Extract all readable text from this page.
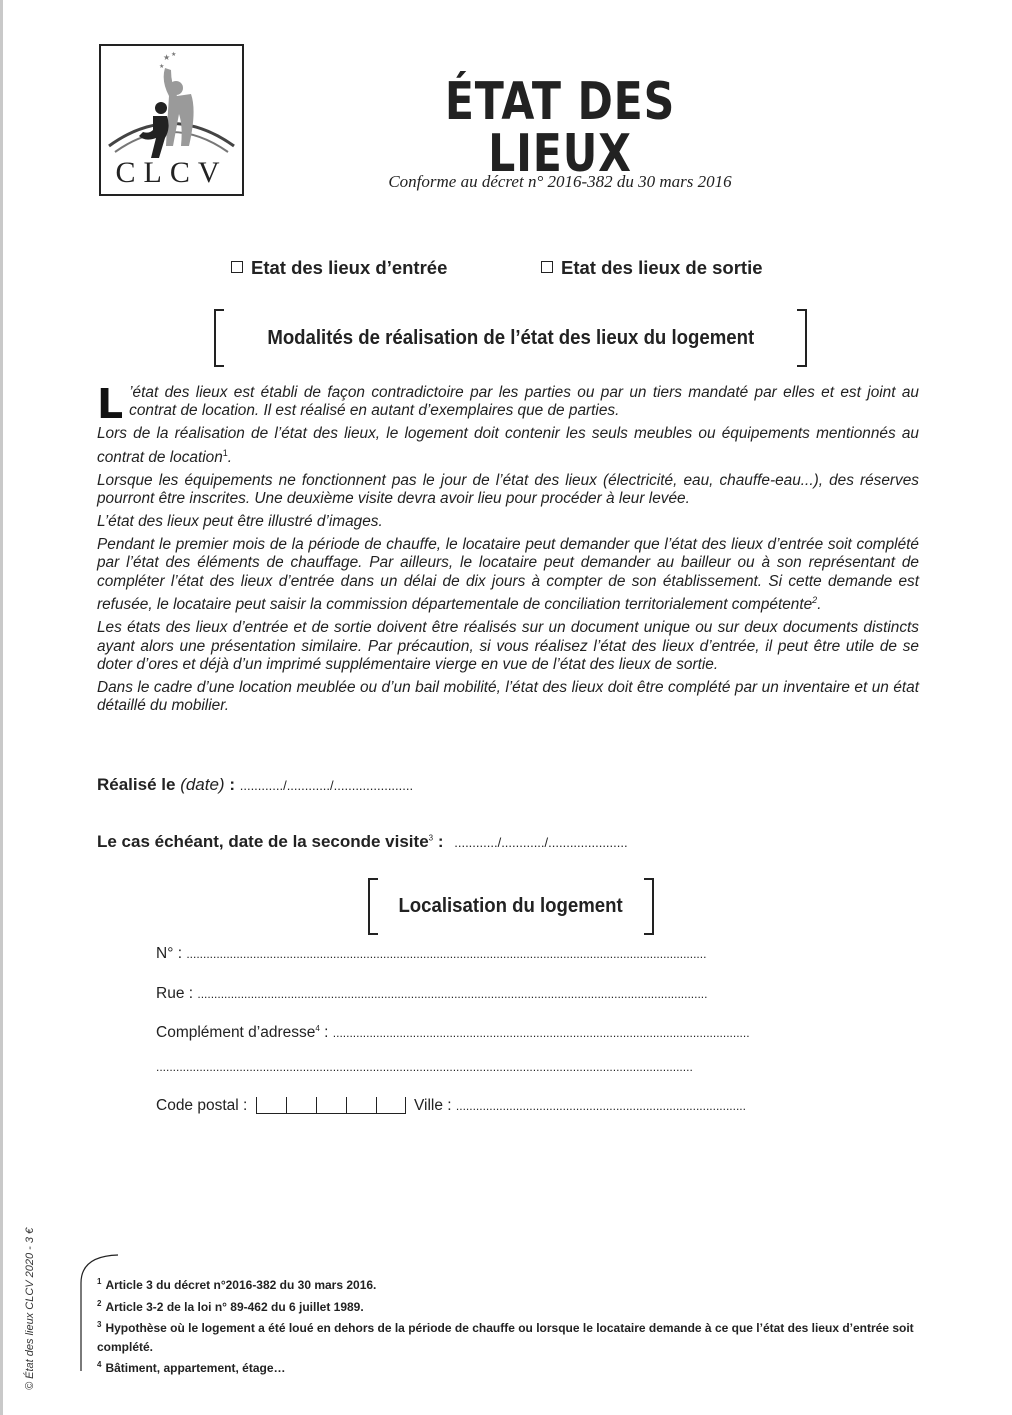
★ ★
★
CLCV
ÉTAT DES LIEUX
Conforme au décret n° 2016-382 du 30 mars 2016
Etat des lieux d’entrée	Etat des lieux de sortie
Modalités de réalisation de l’état des lieux du logement

L ’état des lieux est établi de façon contradictoire par les parties ou par un tiers mandaté par elles et est joint au contrat de location. Il est réalisé en autant d’exemplaires que de parties.

Lors de la réalisation de l’état des lieux, le logement doit contenir les seuls meubles ou équipements mentionnés au contrat de location$^1$.

Lorsque les équipements ne fonctionnent pas le jour de l’état des lieux (électricité, eau, chauffe-eau...), des réserves pourront être inscrites. Une deuxième visite devra avoir lieu pour procéder à leur levée.

L’état des lieux peut être illustré d’images.

Pendant le premier mois de la période de chauffe, le locataire peut demander que l’état des lieux d’entrée soit complété par l’état des éléments de chauffage. Par ailleurs, le locataire peut demander au bailleur ou à son représentant de compléter l’état des lieux d’entrée dans un délai de dix jours à compter de son établissement. Si cette demande est refusée, le locataire peut saisir la commission départementale de conciliation territorialement compétente$^2$.

Les états des lieux d’entrée et de sortie doivent être réalisés sur un document unique ou sur deux documents distincts ayant alors une présentation similaire. Par précaution, si vous réalisez l’état des lieux d’entrée, il peut être utile de se doter d’ores et déjà d’un imprimé supplémentaire vierge en vue de l’état des lieux de sortie.

Dans le cadre d’une location meublée ou d’un bail mobilité, l’état des lieux doit être complété par un inventaire et un état détaillé du mobilier.

Réalisé le (date) : ............/............/......................
Le cas échéant, date de la seconde visite$^3$ : ............/............/......................
Localisation du logement
N° : ............................................................................................................................................................
Rue : .........................................................................................................................................................
Complément d’adresse$^4$ : .............................................................................................................................
.................................................................................................................................................................
Code postal :	Ville : .......................................................................................
© État des lieux CLCV 2020 - 3 €	$^1$ Article 3 du décret n°2016-382 du 30 mars 2016.

$^2$ Article 3-2 de la loi n° 89-462 du 6 juillet 1989.

$^3$ Hypothèse où le logement a été loué en dehors de la période de chauffe ou lorsque le locataire demande à ce que l’état des lieux d’entrée soit complété.

$^4$ Bâtiment, appartement, étage…
